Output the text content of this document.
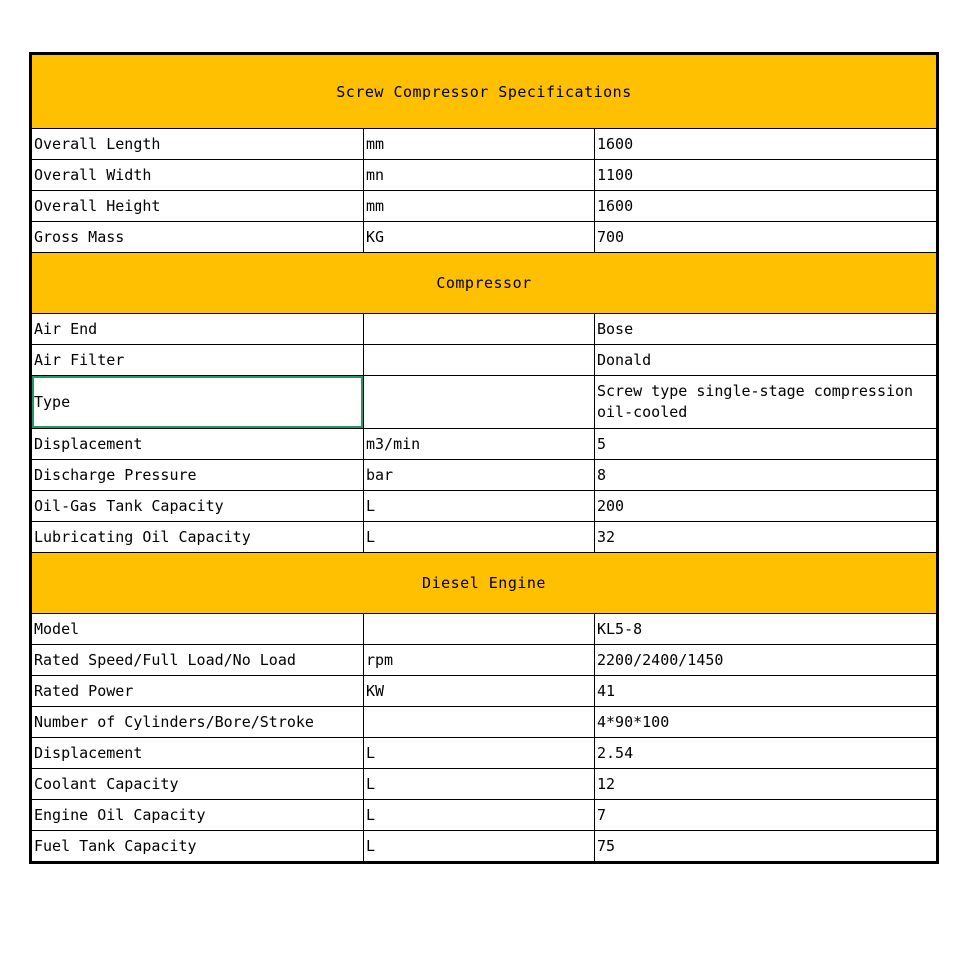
Screw Compressor Specifications		
Overall Length	mm	1600
Overall Width	mn	1100
Overall Height	mm	1600
Gross Mass	KG	700
Compressor		
Air End		Bose
Air Filter		Donald
Type		Screw type single-stage compression oil-cooled
Displacement	m3/min	5
Discharge Pressure	bar	8
Oil-Gas Tank Capacity	L	200
Lubricating Oil Capacity	L	32
Diesel Engine		
Model		KL5-8
Rated Speed/Full Load/No Load	rpm	2200/2400/1450
Rated Power	KW	41
Number of Cylinders/Bore/Stroke		4*90*100
Displacement	L	2.54
Coolant Capacity	L	12
Engine Oil Capacity	L	7
Fuel Tank Capacity	L	75
